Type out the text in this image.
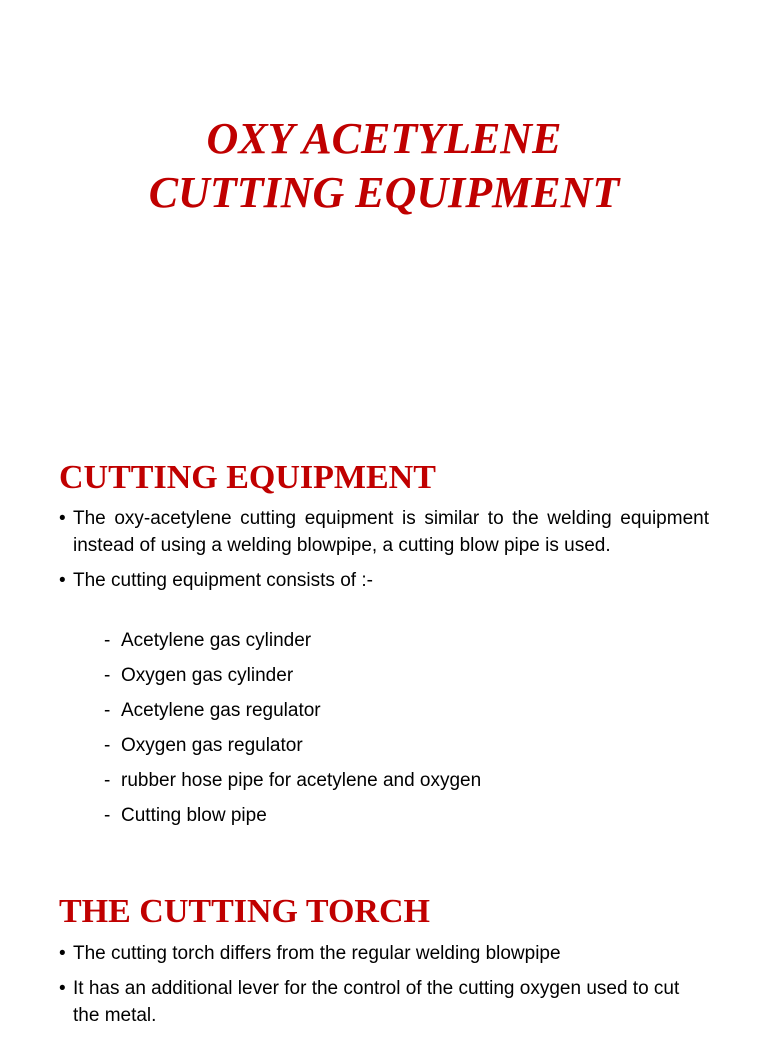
OXY ACETYLENE
CUTTING EQUIPMENT
CUTTING EQUIPMENT
• The oxy-acetylene cutting equipment is similar to the welding equipment instead of using a welding blowpipe, a cutting blow pipe is used.
• The cutting equipment consists of :-
- Acetylene gas cylinder
- Oxygen gas cylinder
- Acetylene gas regulator
- Oxygen gas regulator
- rubber hose pipe for acetylene and oxygen
- Cutting blow pipe
THE CUTTING TORCH
• The cutting torch differs from the regular welding blowpipe
• It has an additional lever for the control of the cutting oxygen used to cut the metal.
